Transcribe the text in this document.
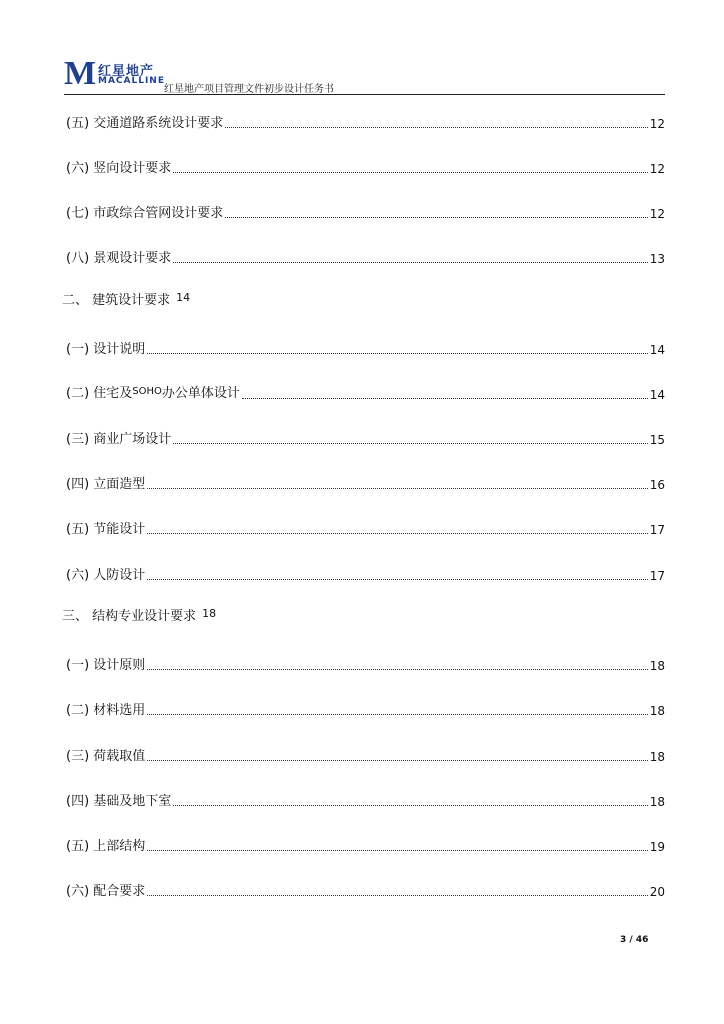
M 红星地产
MACALLINE
红星地产项目管理文件初步设计任务书
(五) 交通道路系统设计要求	12
(六) 竖向设计要求	12
(七) 市政综合管网设计要求	12
(八) 景观设计要求	13
二、 建筑设计要求 $^{14}$
(一) 设计说明	14
(二) 住宅及$^{SOHO}$办公单体设计	14
(三) 商业广场设计	15
(四) 立面造型	16
(五) 节能设计	17
(六) 人防设计	17
三、 结构专业设计要求 $^{18}$
(一) 设计原则	18
(二) 材料选用	18
(三) 荷载取值	18
(四) 基础及地下室	18
(五) 上部结构	19
(六) 配合要求	20
3 / 46
